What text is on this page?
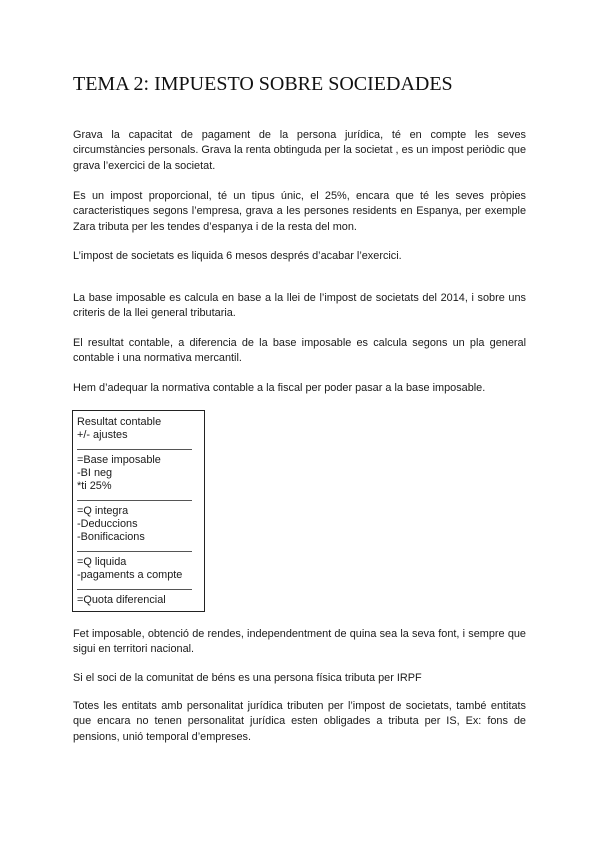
TEMA 2: IMPUESTO SOBRE SOCIEDADES

Grava la capacitat de pagament de la persona jurídica, té en compte les seves circumstàncies personals. Grava la renta obtinguda per la societat , es un impost periòdic que grava l’exercici de la societat.

Es un impost proporcional, té un tipus únic, el 25%, encara que té les seves pròpies caracteristiques segons l’empresa, grava a les persones residents en Espanya, per exemple Zara tributa per les tendes d’espanya i de la resta del mon.

L’impost de societats es liquida 6 mesos després d’acabar l’exercici.

La base imposable es calcula en base a la llei de l’impost de societats del 2014, i sobre uns criteris de la llei general tributaria.

El resultat contable, a diferencia de la base imposable es calcula segons un pla general contable i una normativa mercantil.

Hem d’adequar la normativa contable a la fiscal per poder pasar a la base imposable.

Resultat contable
+/- ajustes
=Base imposable
-BI neg
*ti 25%
=Q integra
-Deduccions
-Bonificacions
=Q liquida
-pagaments a compte
=Quota diferencial

Fet imposable, obtenció de rendes, independentment de quina sea la seva font, i sempre que sigui en territori nacional.

Si el soci de la comunitat de béns es una persona física tributa per IRPF

Totes les entitats amb personalitat jurídica tributen per l’impost de societats, també entitats que encara no tenen personalitat jurídica esten obligades a tributa per IS, Ex: fons de pensions, unió temporal d’empreses.
